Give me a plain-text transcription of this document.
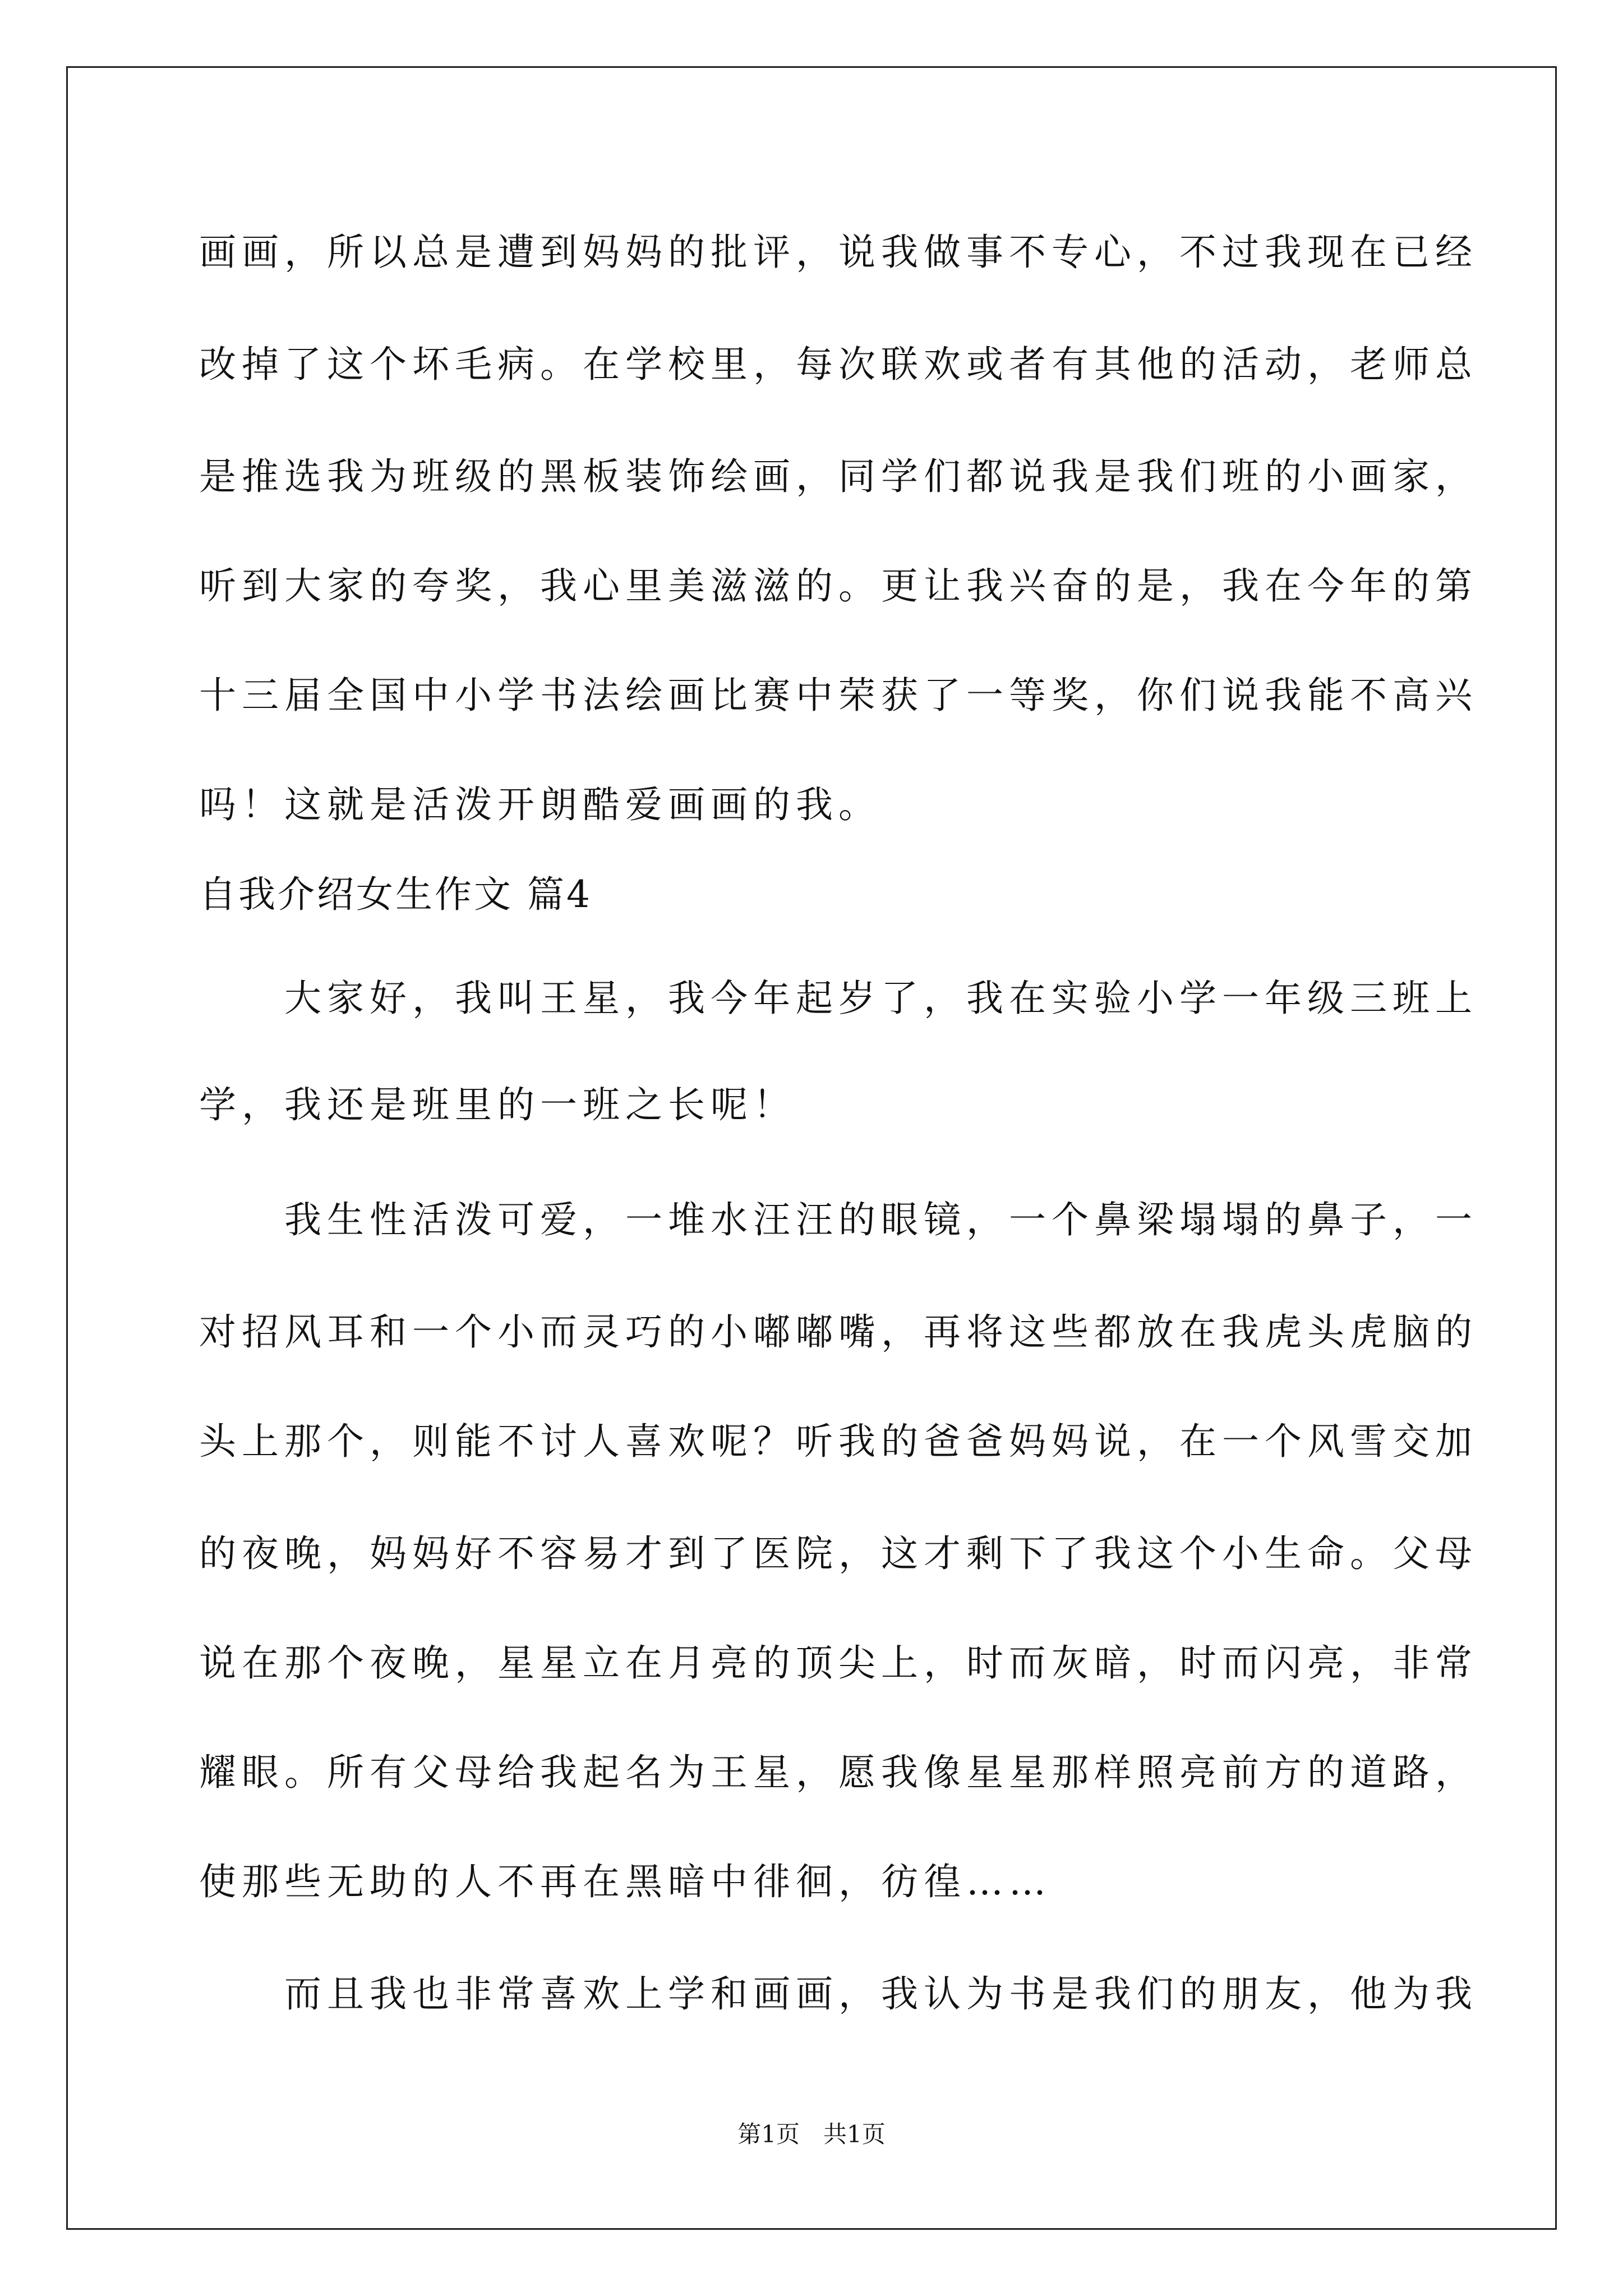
画画，所以总是遭到妈妈的批评，说我做事不专心，不过我现在已经
改掉了这个坏毛病。在学校里，每次联欢或者有其他的活动，老师总
是推选我为班级的黑板装饰绘画，同学们都说我是我们班的小画家，
听到大家的夸奖，我心里美滋滋的。更让我兴奋的是，我在今年的第
十三届全国中小学书法绘画比赛中荣获了一等奖，你们说我能不高兴
吗！这就是活泼开朗酷爱画画的我。
自我介绍女生作文 篇4
　　大家好，我叫王星，我今年起岁了，我在实验小学一年级三班上
学，我还是班里的一班之长呢！
　　我生性活泼可爱，一堆水汪汪的眼镜，一个鼻梁塌塌的鼻子，一
对招风耳和一个小而灵巧的小嘟嘟嘴，再将这些都放在我虎头虎脑的
头上那个，则能不讨人喜欢呢？听我的爸爸妈妈说，在一个风雪交加
的夜晚，妈妈好不容易才到了医院，这才剩下了我这个小生命。父母
说在那个夜晚，星星立在月亮的顶尖上，时而灰暗，时而闪亮，非常
耀眼。所有父母给我起名为王星，愿我像星星那样照亮前方的道路，
使那些无助的人不再在黑暗中徘徊，彷徨……
　　而且我也非常喜欢上学和画画，我认为书是我们的朋友，他为我
第1页　共1页
